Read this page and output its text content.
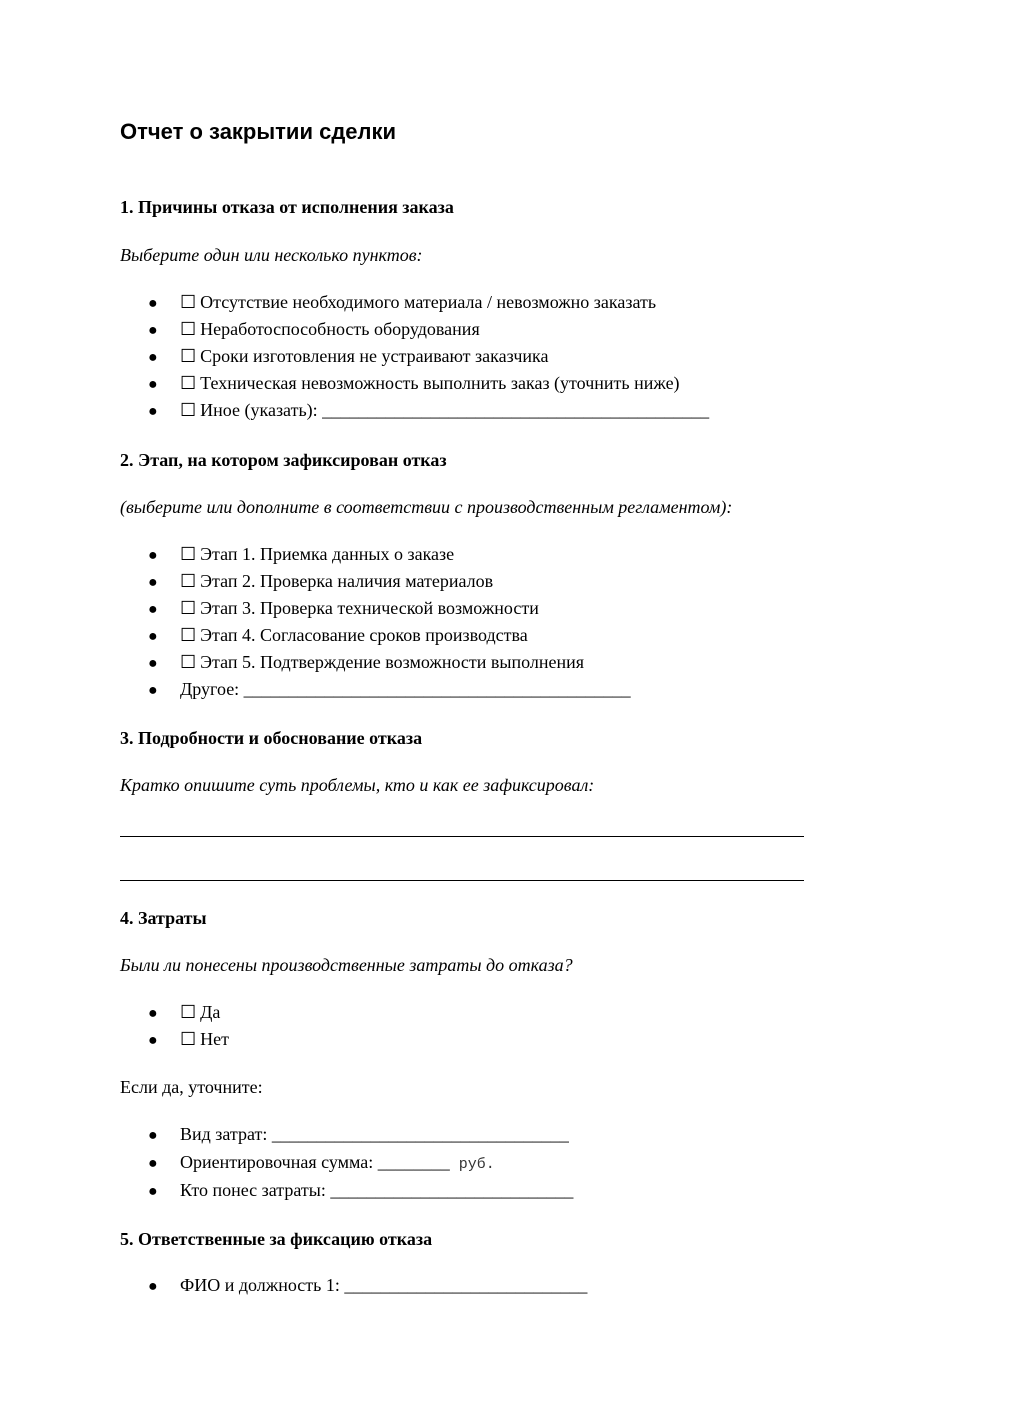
Отчет о закрытии сделки
1. Причины отказа от исполнения заказа
Выберите один или несколько пунктов:
● ☐ Отсутствие необходимого материала / невозможно заказать
● ☐ Неработоспособность оборудования
● ☐ Сроки изготовления не устраивают заказчика
● ☐ Техническая невозможность выполнить заказ (уточнить ниже)
● ☐ Иное (указать): ___________________________________________
2. Этап, на котором зафиксирован отказ
(выберите или дополните в соответствии с производственным регламентом):
● ☐ Этап 1. Приемка данных о заказе
● ☐ Этап 2. Проверка наличия материалов
● ☐ Этап 3. Проверка технической возможности
● ☐ Этап 4. Согласование сроков производства
● ☐ Этап 5. Подтверждение возможности выполнения
● Другое: ___________________________________________
3. Подробности и обоснование отказа
Кратко опишите суть проблемы, кто и как ее зафиксировал:
4. Затраты
Были ли понесены производственные затраты до отказа?
● ☐ Да
● ☐ Нет
Если да, уточните:
● Вид затрат: _________________________________
● Ориентировочная сумма: ________ руб.
● Кто понес затраты: ___________________________
5. Ответственные за фиксацию отказа
● ФИО и должность 1: ___________________________
